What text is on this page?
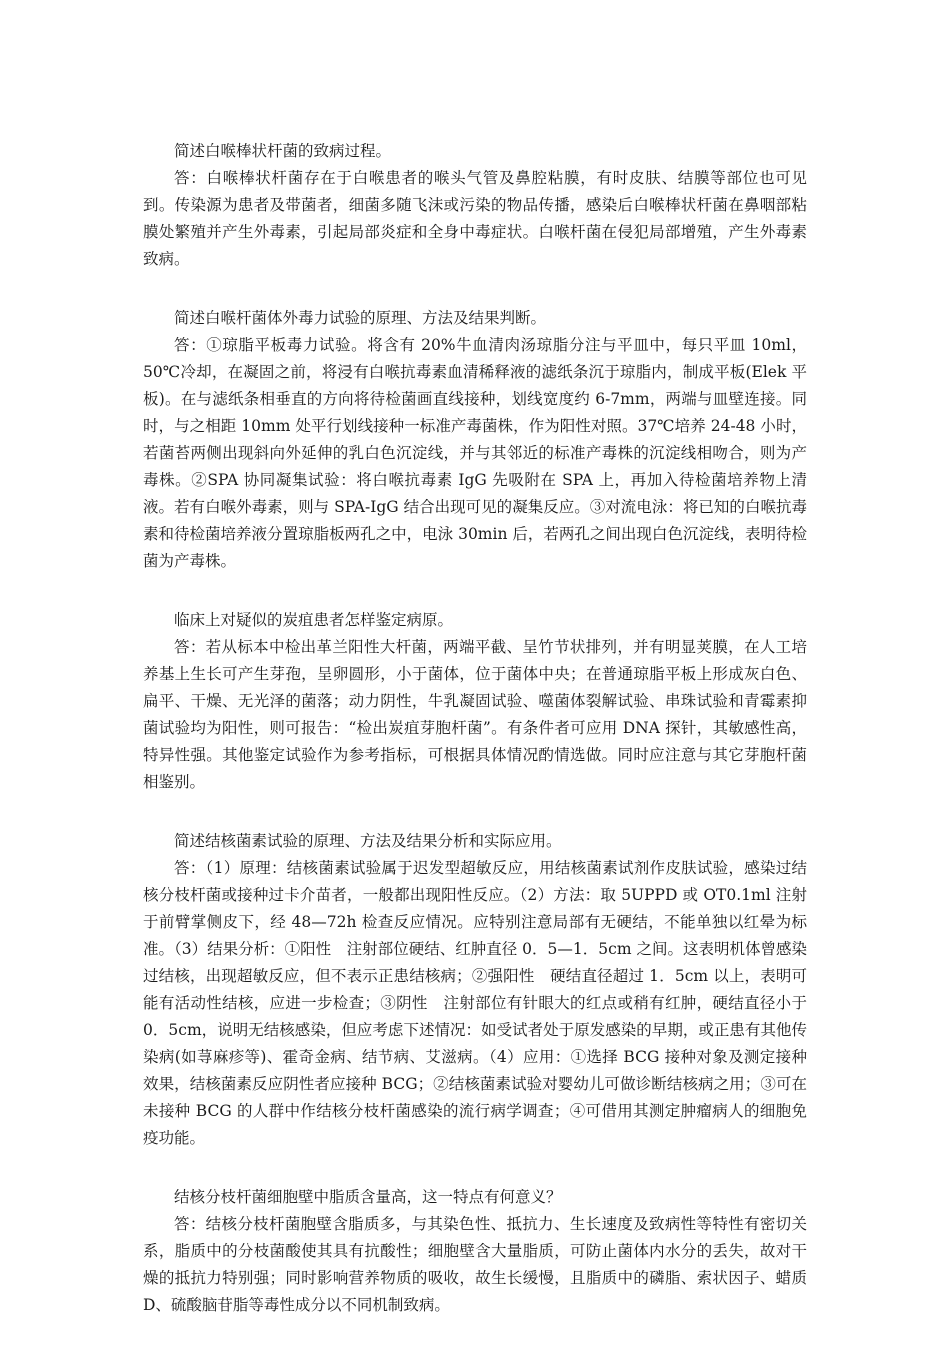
简述白喉棒状杆菌的致病过程。

答：白喉棒状杆菌存在于白喉患者的喉头气管及鼻腔粘膜，有时皮肤、结膜等部位也可见到。传染源为患者及带菌者，细菌多随飞沫或污染的物品传播，感染后白喉棒状杆菌在鼻咽部粘膜处繁殖并产生外毒素，引起局部炎症和全身中毒症状。白喉杆菌在侵犯局部增殖，产生外毒素致病。

简述白喉杆菌体外毒力试验的原理、方法及结果判断。

答：①琼脂平板毒力试验。将含有 20%牛血清肉汤琼脂分注与平皿中，每只平皿 10ml，50℃冷却，在凝固之前，将浸有白喉抗毒素血清稀释液的滤纸条沉于琼脂内，制成平板(Elek 平板)。在与滤纸条相垂直的方向将待检菌画直线接种，划线宽度约 6-7mm，两端与皿壁连接。同时，与之相距 10mm 处平行划线接种一标准产毒菌株，作为阳性对照。37℃培养 24-48 小时，若菌苔两侧出现斜向外延伸的乳白色沉淀线，并与其邻近的标准产毒株的沉淀线相吻合，则为产毒株。②SPA 协同凝集试验：将白喉抗毒素 IgG 先吸附在 SPA 上，再加入待检菌培养物上清液。若有白喉外毒素，则与 SPA-IgG 结合出现可见的凝集反应。③对流电泳：将已知的白喉抗毒素和待检菌培养液分置琼脂板两孔之中，电泳 30min 后，若两孔之间出现白色沉淀线，表明待检菌为产毒株。

临床上对疑似的炭疽患者怎样鉴定病原。

答：若从标本中检出革兰阳性大杆菌，两端平截、呈竹节状排列，并有明显荚膜，在人工培养基上生长可产生芽孢，呈卵圆形，小于菌体，位于菌体中央；在普通琼脂平板上形成灰白色、扁平、干燥、无光泽的菌落；动力阴性，牛乳凝固试验、噬菌体裂解试验、串珠试验和青霉素抑菌试验均为阳性，则可报告：“检出炭疽芽胞杆菌”。有条件者可应用 DNA 探针，其敏感性高，特异性强。其他鉴定试验作为参考指标，可根据具体情况酌情选做。同时应注意与其它芽胞杆菌相鉴别。

简述结核菌素试验的原理、方法及结果分析和实际应用。

答：（1）原理：结核菌素试验属于迟发型超敏反应，用结核菌素试剂作皮肤试验，感染过结核分枝杆菌或接种过卡介苗者，一般都出现阳性反应。（2）方法：取 5UPPD 或 OT0.1ml 注射于前臂掌侧皮下，经 48—72h 检查反应情况。应特别注意局部有无硬结，不能单独以红晕为标准。（3）结果分析：①阳性　注射部位硬结、红肿直径 0．5—1．5cm 之间。这表明机体曾感染过结核，出现超敏反应，但不表示正患结核病；②强阳性　硬结直径超过 1．5cm 以上，表明可能有活动性结核，应进一步检查；③阴性　注射部位有针眼大的红点或稍有红肿，硬结直径小于 0．5cm，说明无结核感染，但应考虑下述情况：如受试者处于原发感染的早期，或正患有其他传染病(如荨麻疹等)、霍奇金病、结节病、艾滋病。（4）应用：①选择 BCG 接种对象及测定接种效果，结核菌素反应阴性者应接种 BCG；②结核菌素试验对婴幼儿可做诊断结核病之用；③可在未接种 BCG 的人群中作结核分枝杆菌感染的流行病学调查；④可借用其测定肿瘤病人的细胞免疫功能。

结核分枝杆菌细胞壁中脂质含量高，这一特点有何意义？

答：结核分枝杆菌胞壁含脂质多，与其染色性、抵抗力、生长速度及致病性等特性有密切关系，脂质中的分枝菌酸使其具有抗酸性；细胞壁含大量脂质，可防止菌体内水分的丢失，故对干燥的抵抗力特别强；同时影响营养物质的吸收，故生长缓慢，且脂质中的磷脂、索状因子、蜡质 D、硫酸脑苷脂等毒性成分以不同机制致病。
